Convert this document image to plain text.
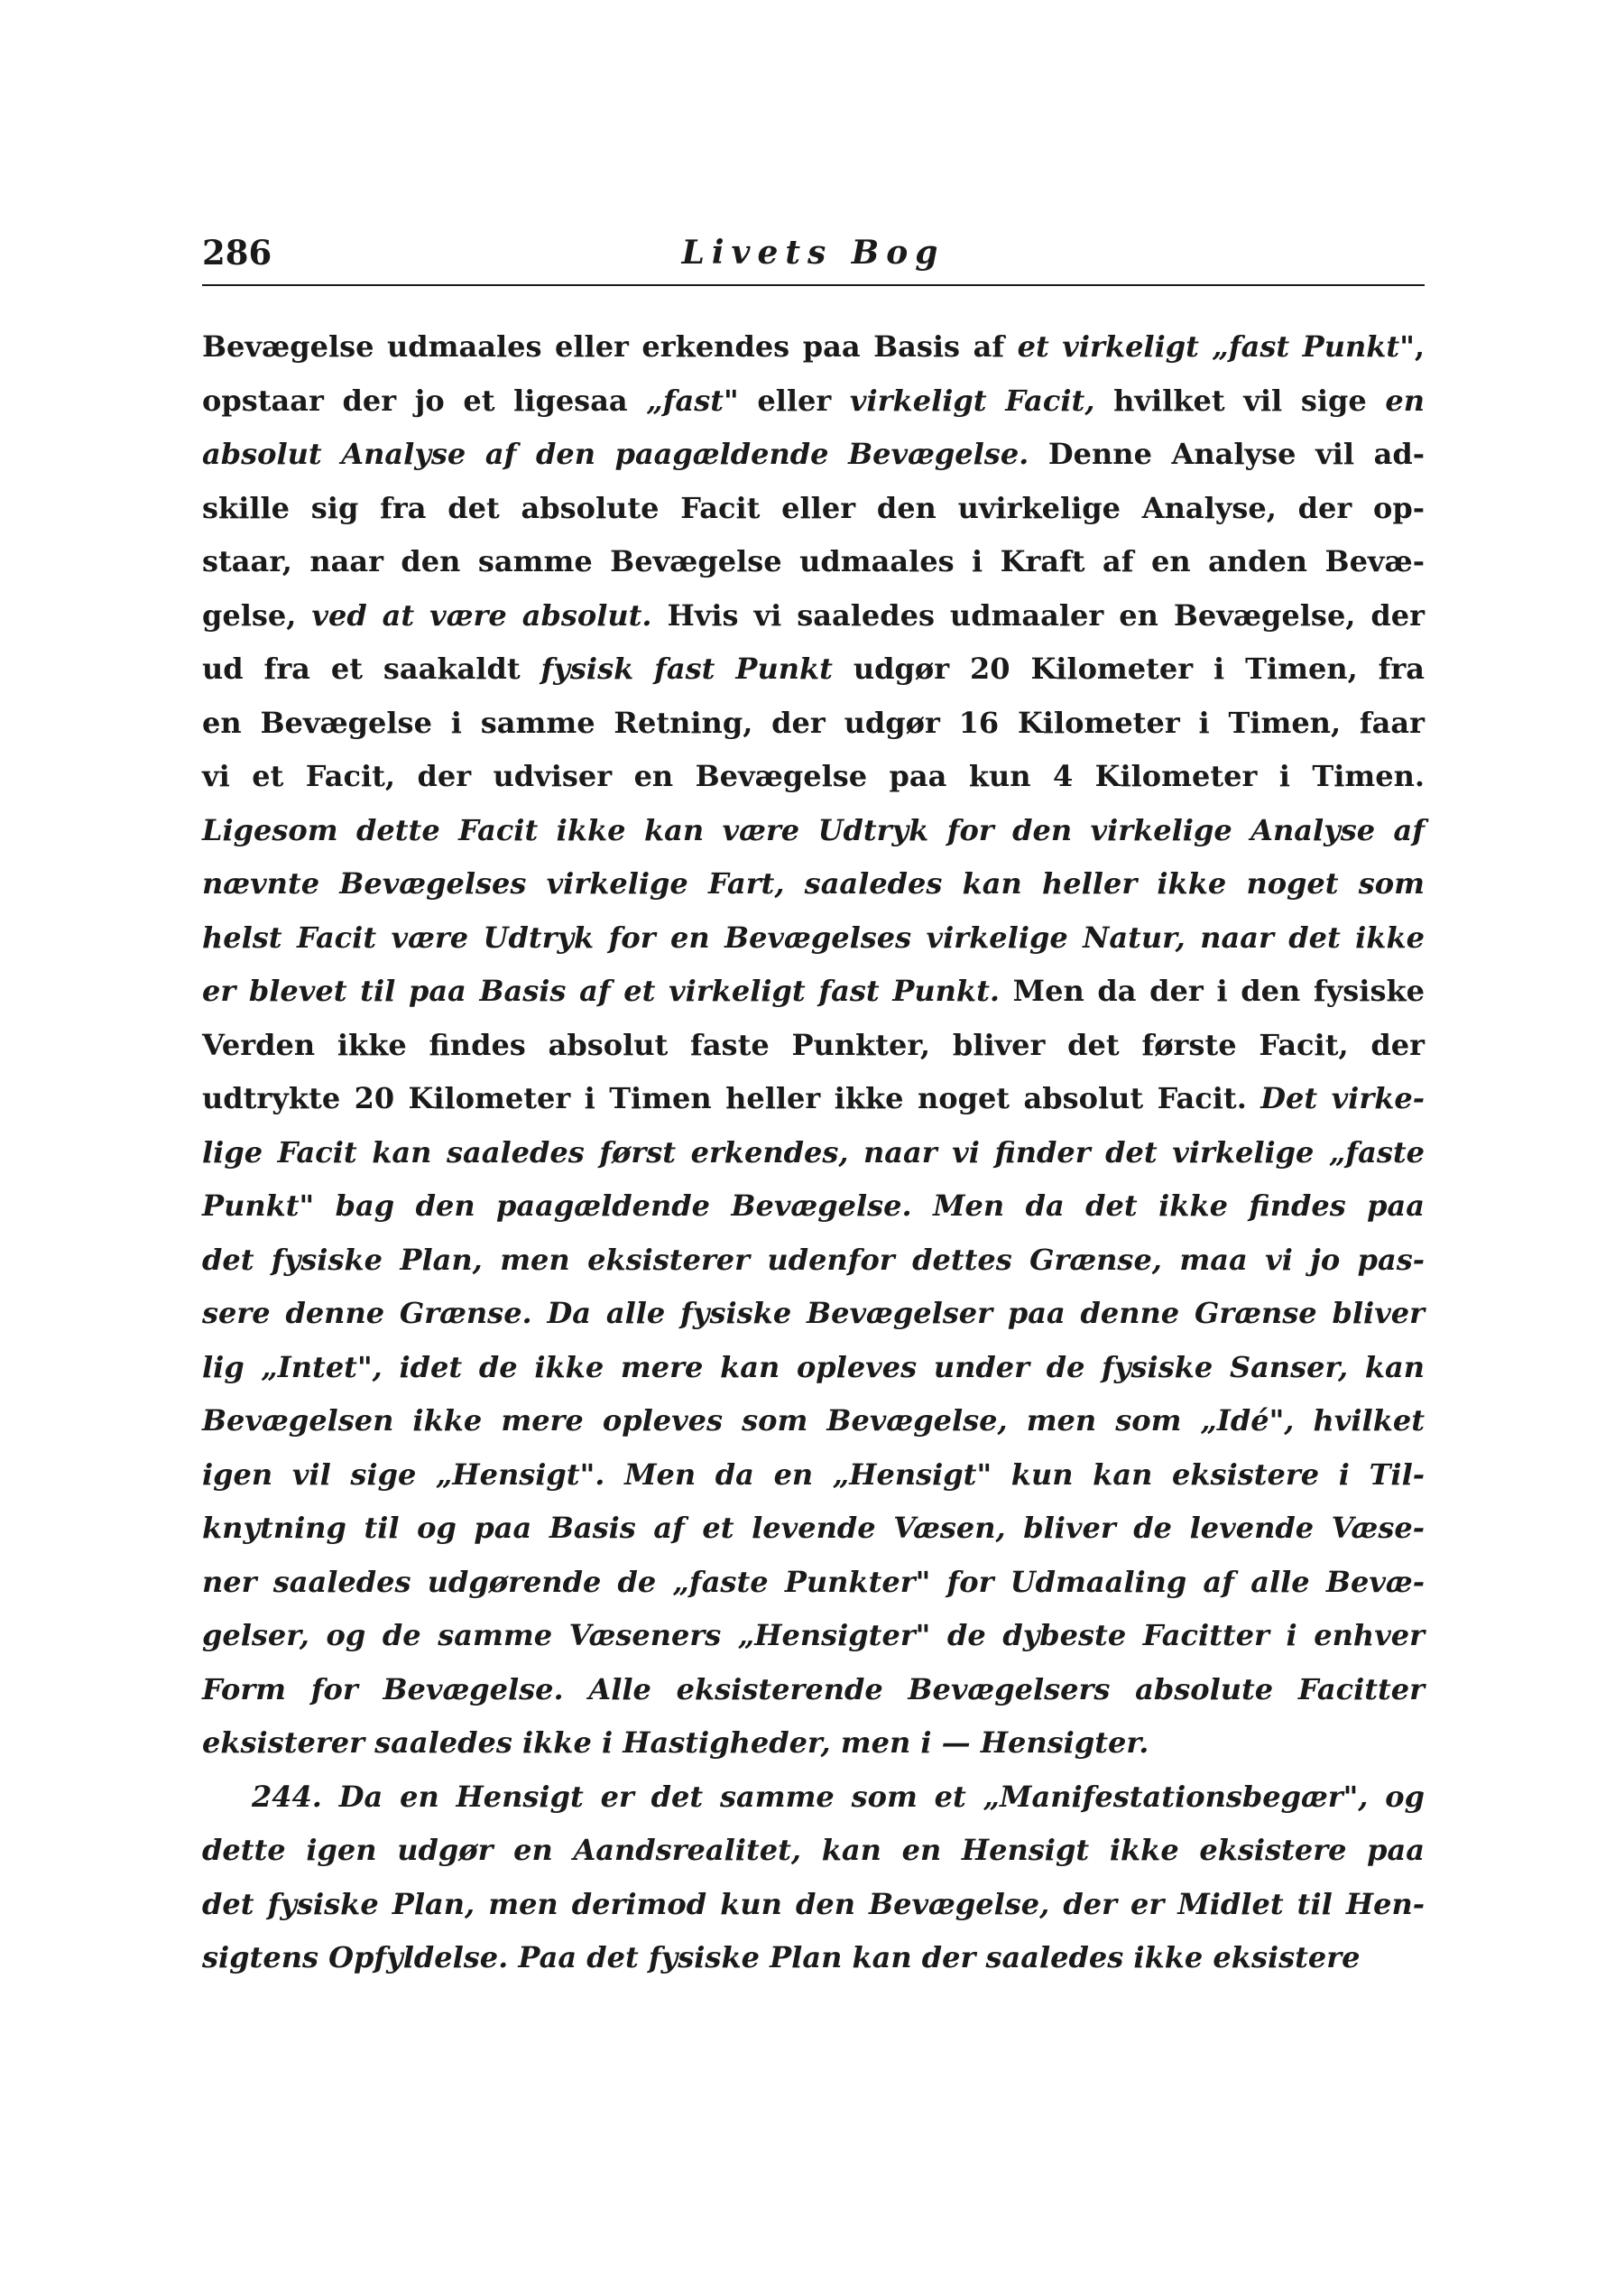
286	Livets Bog
Bevægelse udmaales eller erkendes paa Basis af et virkeligt „fast Punkt",
opstaar der jo et ligesaa „fast" eller virkeligt Facit, hvilket vil sige en
absolut Analyse af den paagældende Bevægelse. Denne Analyse vil ad-
skille sig fra det absolute Facit eller den uvirkelige Analyse, der op-
staar, naar den samme Bevægelse udmaales i Kraft af en anden Bevæ-
gelse, ved at være absolut. Hvis vi saaledes udmaaler en Bevægelse, der
ud fra et saakaldt fysisk fast Punkt udgør 20 Kilometer i Timen, fra
en Bevægelse i samme Retning, der udgør 16 Kilometer i Timen, faar
vi et Facit, der udviser en Bevægelse paa kun 4 Kilometer i Timen.
Ligesom dette Facit ikke kan være Udtryk for den virkelige Analyse af
nævnte Bevægelses virkelige Fart, saaledes kan heller ikke noget som
helst Facit være Udtryk for en Bevægelses virkelige Natur, naar det ikke
er blevet til paa Basis af et virkeligt fast Punkt. Men da der i den fysiske
Verden ikke findes absolut faste Punkter, bliver det første Facit, der
udtrykte 20 Kilometer i Timen heller ikke noget absolut Facit. Det virke-
lige Facit kan saaledes først erkendes, naar vi finder det virkelige „faste
Punkt" bag den paagældende Bevægelse. Men da det ikke findes paa
det fysiske Plan, men eksisterer udenfor dettes Grænse, maa vi jo pas-
sere denne Grænse. Da alle fysiske Bevægelser paa denne Grænse bliver
lig „Intet", idet de ikke mere kan opleves under de fysiske Sanser, kan
Bevægelsen ikke mere opleves som Bevægelse, men som „Idé", hvilket
igen vil sige „Hensigt". Men da en „Hensigt" kun kan eksistere i Til-
knytning til og paa Basis af et levende Væsen, bliver de levende Væse-
ner saaledes udgørende de „faste Punkter" for Udmaaling af alle Bevæ-
gelser, og de samme Væseners „Hensigter" de dybeste Facitter i enhver
Form for Bevægelse. Alle eksisterende Bevægelsers absolute Facitter
eksisterer saaledes ikke i Hastigheder, men i — Hensigter.
244. Da en Hensigt er det samme som et „Manifestationsbegær", og
dette igen udgør en Aandsrealitet, kan en Hensigt ikke eksistere paa
det fysiske Plan, men derimod kun den Bevægelse, der er Midlet til Hen-
sigtens Opfyldelse. Paa det fysiske Plan kan der saaledes ikke eksistere
